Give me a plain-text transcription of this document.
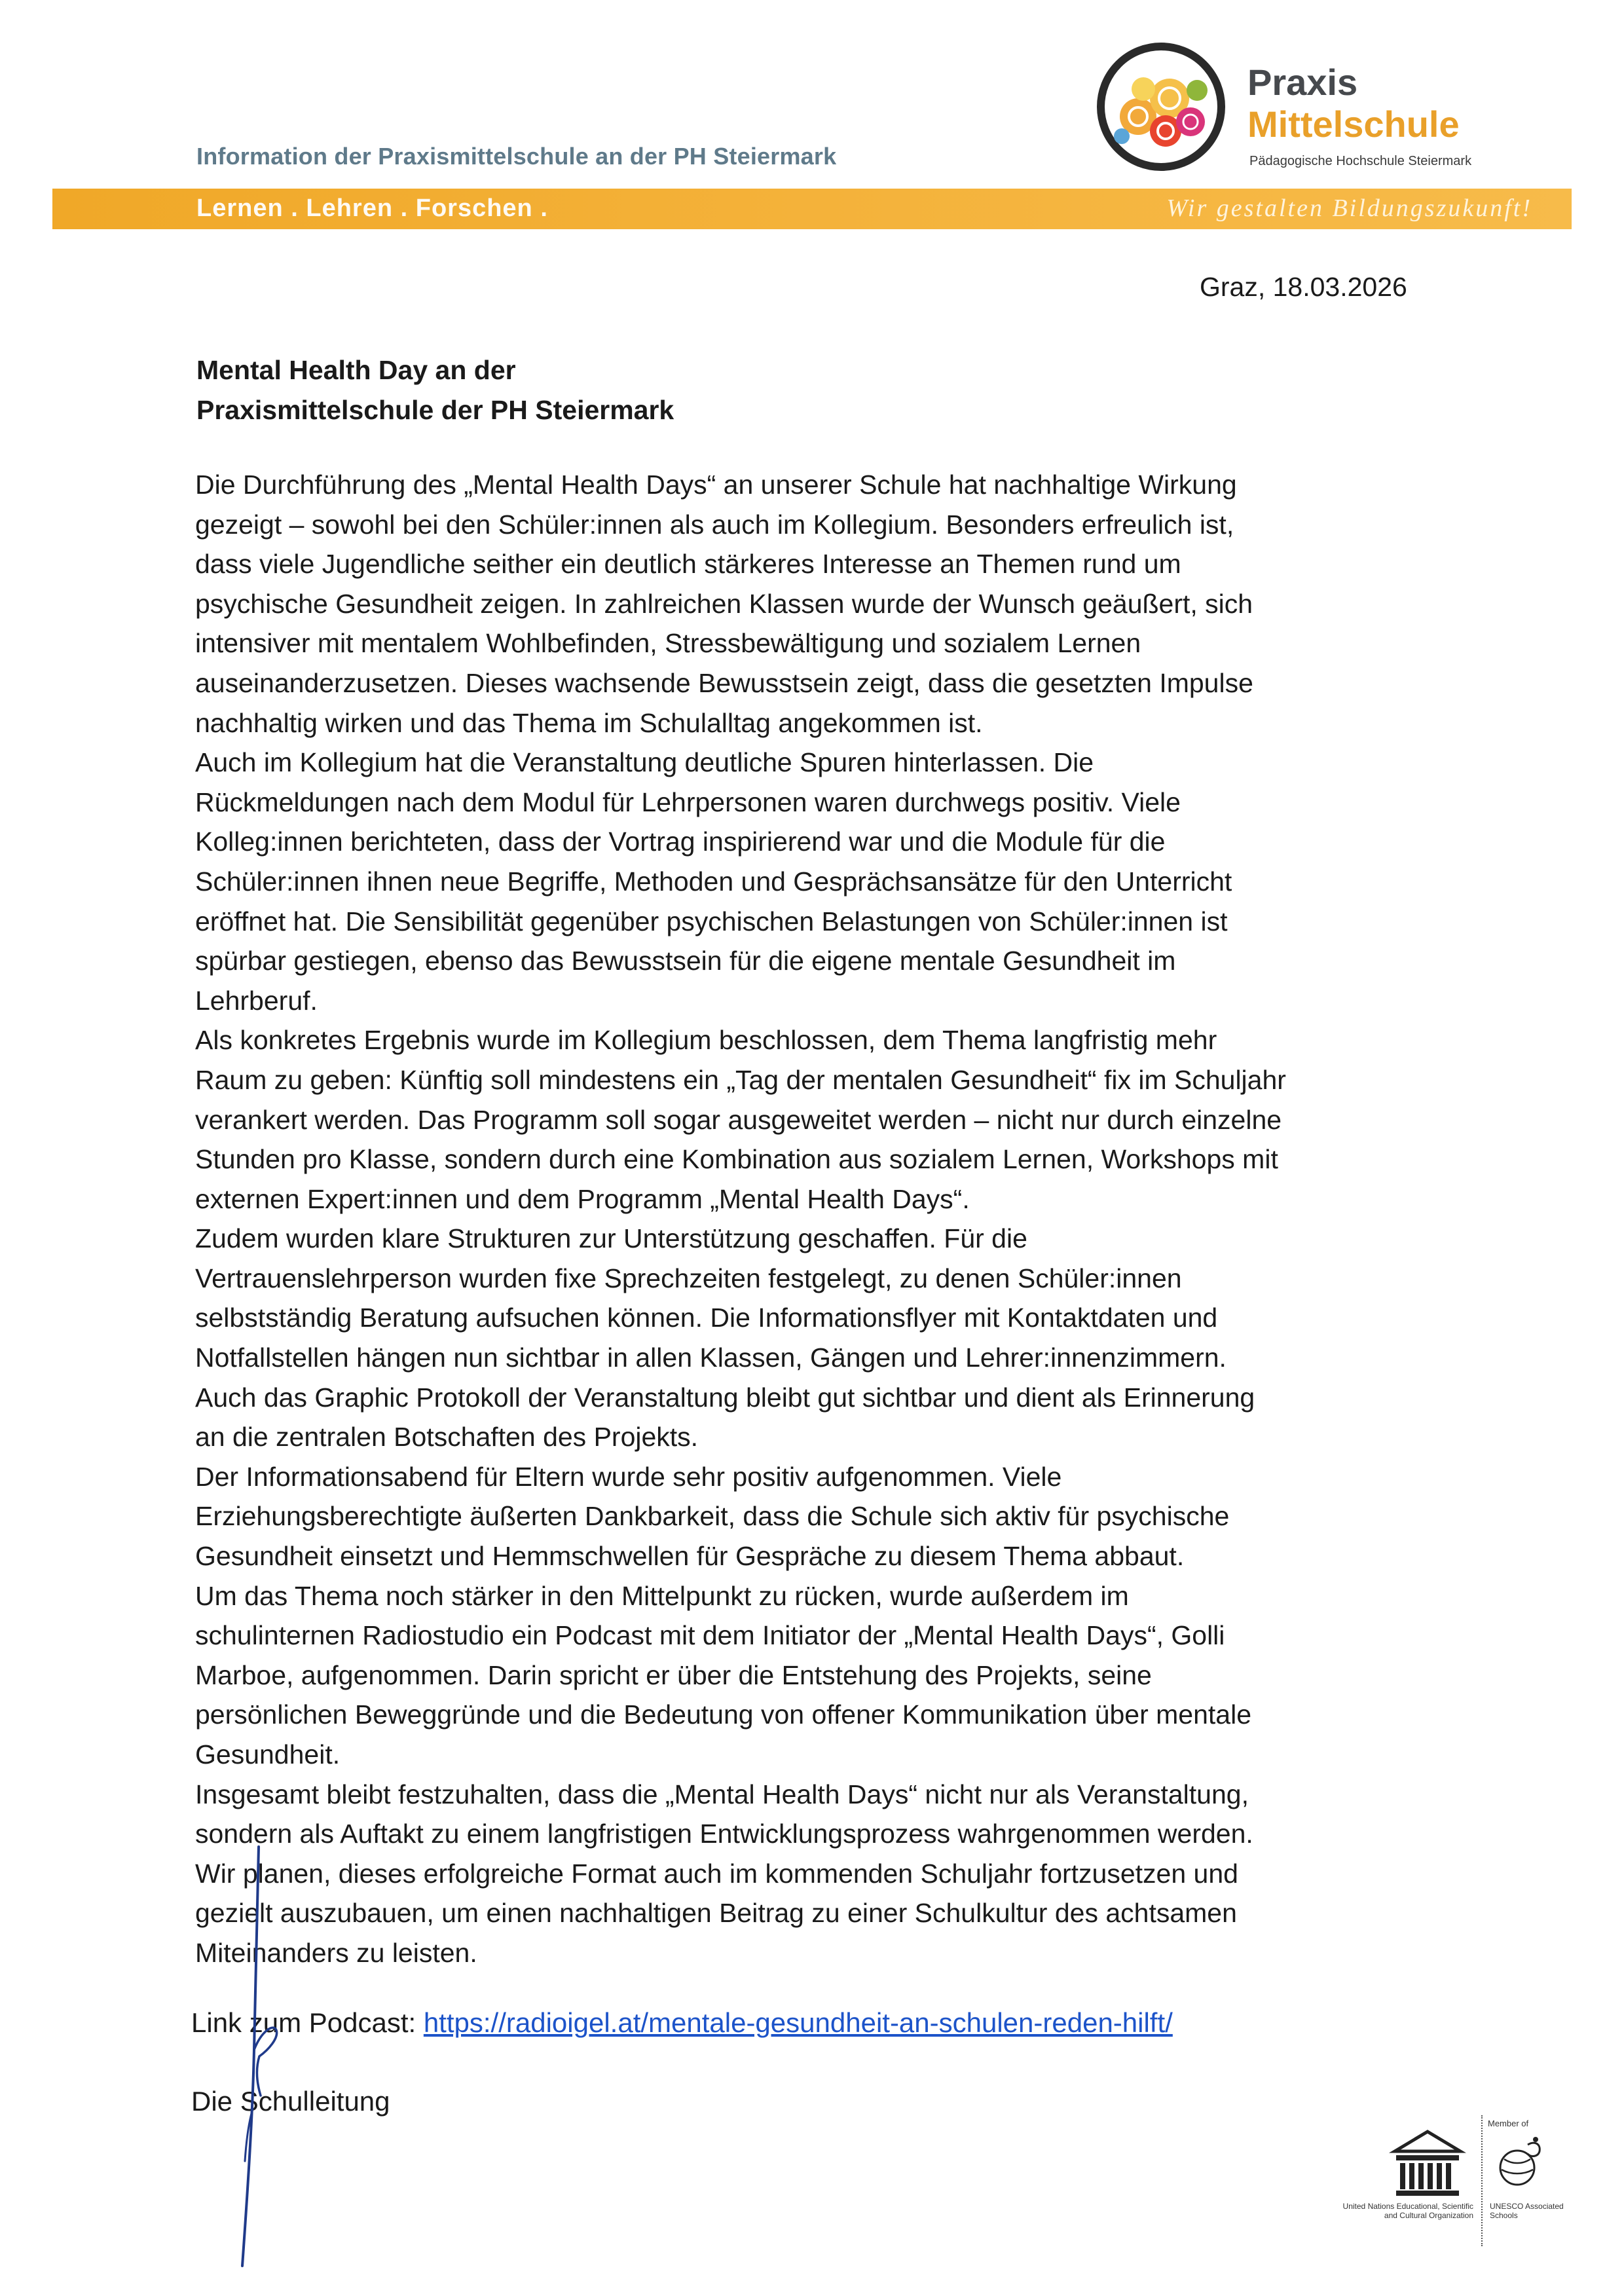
Information der Praxismittelschule an der PH Steiermark
Praxis
Mittelschule
Pädagogische Hochschule Steiermark
Lernen . Lehren . Forschen .	Wir gestalten Bildungszukunft!
Graz, 18.03.2026
Mental Health Day an der
Praxismittelschule der PH Steiermark
Die Durchführung des „Mental Health Days“ an unserer Schule hat nachhaltige Wirkung
gezeigt – sowohl bei den Schüler:innen als auch im Kollegium. Besonders erfreulich ist,
dass viele Jugendliche seither ein deutlich stärkeres Interesse an Themen rund um
psychische Gesundheit zeigen. In zahlreichen Klassen wurde der Wunsch geäußert, sich
intensiver mit mentalem Wohlbefinden, Stressbewältigung und sozialem Lernen
auseinanderzusetzen. Dieses wachsende Bewusstsein zeigt, dass die gesetzten Impulse
nachhaltig wirken und das Thema im Schulalltag angekommen ist.
Auch im Kollegium hat die Veranstaltung deutliche Spuren hinterlassen. Die
Rückmeldungen nach dem Modul für Lehrpersonen waren durchwegs positiv. Viele
Kolleg:innen berichteten, dass der Vortrag inspirierend war und die Module für die
Schüler:innen ihnen neue Begriffe, Methoden und Gesprächsansätze für den Unterricht
eröffnet hat. Die Sensibilität gegenüber psychischen Belastungen von Schüler:innen ist
spürbar gestiegen, ebenso das Bewusstsein für die eigene mentale Gesundheit im
Lehrberuf.
Als konkretes Ergebnis wurde im Kollegium beschlossen, dem Thema langfristig mehr
Raum zu geben: Künftig soll mindestens ein „Tag der mentalen Gesundheit“ fix im Schuljahr
verankert werden. Das Programm soll sogar ausgeweitet werden – nicht nur durch einzelne
Stunden pro Klasse, sondern durch eine Kombination aus sozialem Lernen, Workshops mit
externen Expert:innen und dem Programm „Mental Health Days“.
Zudem wurden klare Strukturen zur Unterstützung geschaffen. Für die
Vertrauenslehrperson wurden fixe Sprechzeiten festgelegt, zu denen Schüler:innen
selbstständig Beratung aufsuchen können. Die Informationsflyer mit Kontaktdaten und
Notfallstellen hängen nun sichtbar in allen Klassen, Gängen und Lehrer:innenzimmern.
Auch das Graphic Protokoll der Veranstaltung bleibt gut sichtbar und dient als Erinnerung
an die zentralen Botschaften des Projekts.
Der Informationsabend für Eltern wurde sehr positiv aufgenommen. Viele
Erziehungsberechtigte äußerten Dankbarkeit, dass die Schule sich aktiv für psychische
Gesundheit einsetzt und Hemmschwellen für Gespräche zu diesem Thema abbaut.
Um das Thema noch stärker in den Mittelpunkt zu rücken, wurde außerdem im
schulinternen Radiostudio ein Podcast mit dem Initiator der „Mental Health Days“, Golli
Marboe, aufgenommen. Darin spricht er über die Entstehung des Projekts, seine
persönlichen Beweggründe und die Bedeutung von offener Kommunikation über mentale
Gesundheit.
Insgesamt bleibt festzuhalten, dass die „Mental Health Days“ nicht nur als Veranstaltung,
sondern als Auftakt zu einem langfristigen Entwicklungsprozess wahrgenommen werden.
Wir planen, dieses erfolgreiche Format auch im kommenden Schuljahr fortzusetzen und
gezielt auszubauen, um einen nachhaltigen Beitrag zu einer Schulkultur des achtsamen
Miteinanders zu leisten.
Link zum Podcast: https://radioigel.at/mentale-gesundheit-an-schulen-reden-hilft/
Die Schulleitung
United Nations Educational, Scientific and Cultural Organization
Member of
UNESCO Associated Schools
